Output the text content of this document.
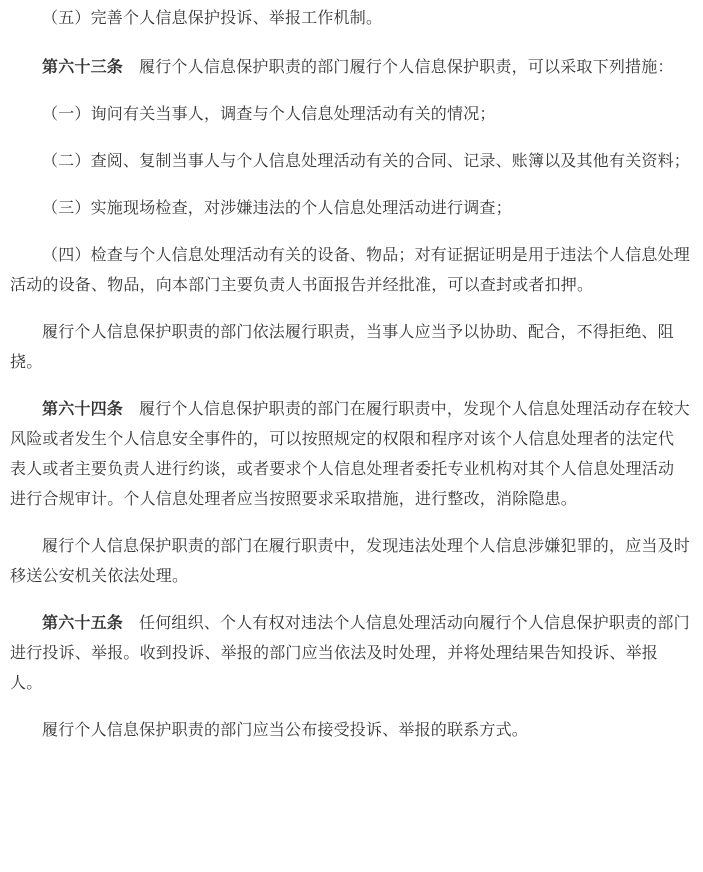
（五）完善个人信息保护投诉、举报工作机制。

第六十三条 履行个人信息保护职责的部门履行个人信息保护职责，可以采取下列措施：

（一）询问有关当事人，调查与个人信息处理活动有关的情况；

（二）查阅、复制当事人与个人信息处理活动有关的合同、记录、账簿以及其他有关资料；

（三）实施现场检查，对涉嫌违法的个人信息处理活动进行调查；

（四）检查与个人信息处理活动有关的设备、物品；对有证据证明是用于违法个人信息处理活动的设备、物品，向本部门主要负责人书面报告并经批准，可以查封或者扣押。

履行个人信息保护职责的部门依法履行职责，当事人应当予以协助、配合，不得拒绝、阻挠。

第六十四条 履行个人信息保护职责的部门在履行职责中，发现个人信息处理活动存在较大风险或者发生个人信息安全事件的，可以按照规定的权限和程序对该个人信息处理者的法定代表人或者主要负责人进行约谈，或者要求个人信息处理者委托专业机构对其个人信息处理活动进行合规审计。个人信息处理者应当按照要求采取措施，进行整改，消除隐患。

履行个人信息保护职责的部门在履行职责中，发现违法处理个人信息涉嫌犯罪的，应当及时移送公安机关依法处理。

第六十五条 任何组织、个人有权对违法个人信息处理活动向履行个人信息保护职责的部门进行投诉、举报。收到投诉、举报的部门应当依法及时处理，并将处理结果告知投诉、举报人。

履行个人信息保护职责的部门应当公布接受投诉、举报的联系方式。
